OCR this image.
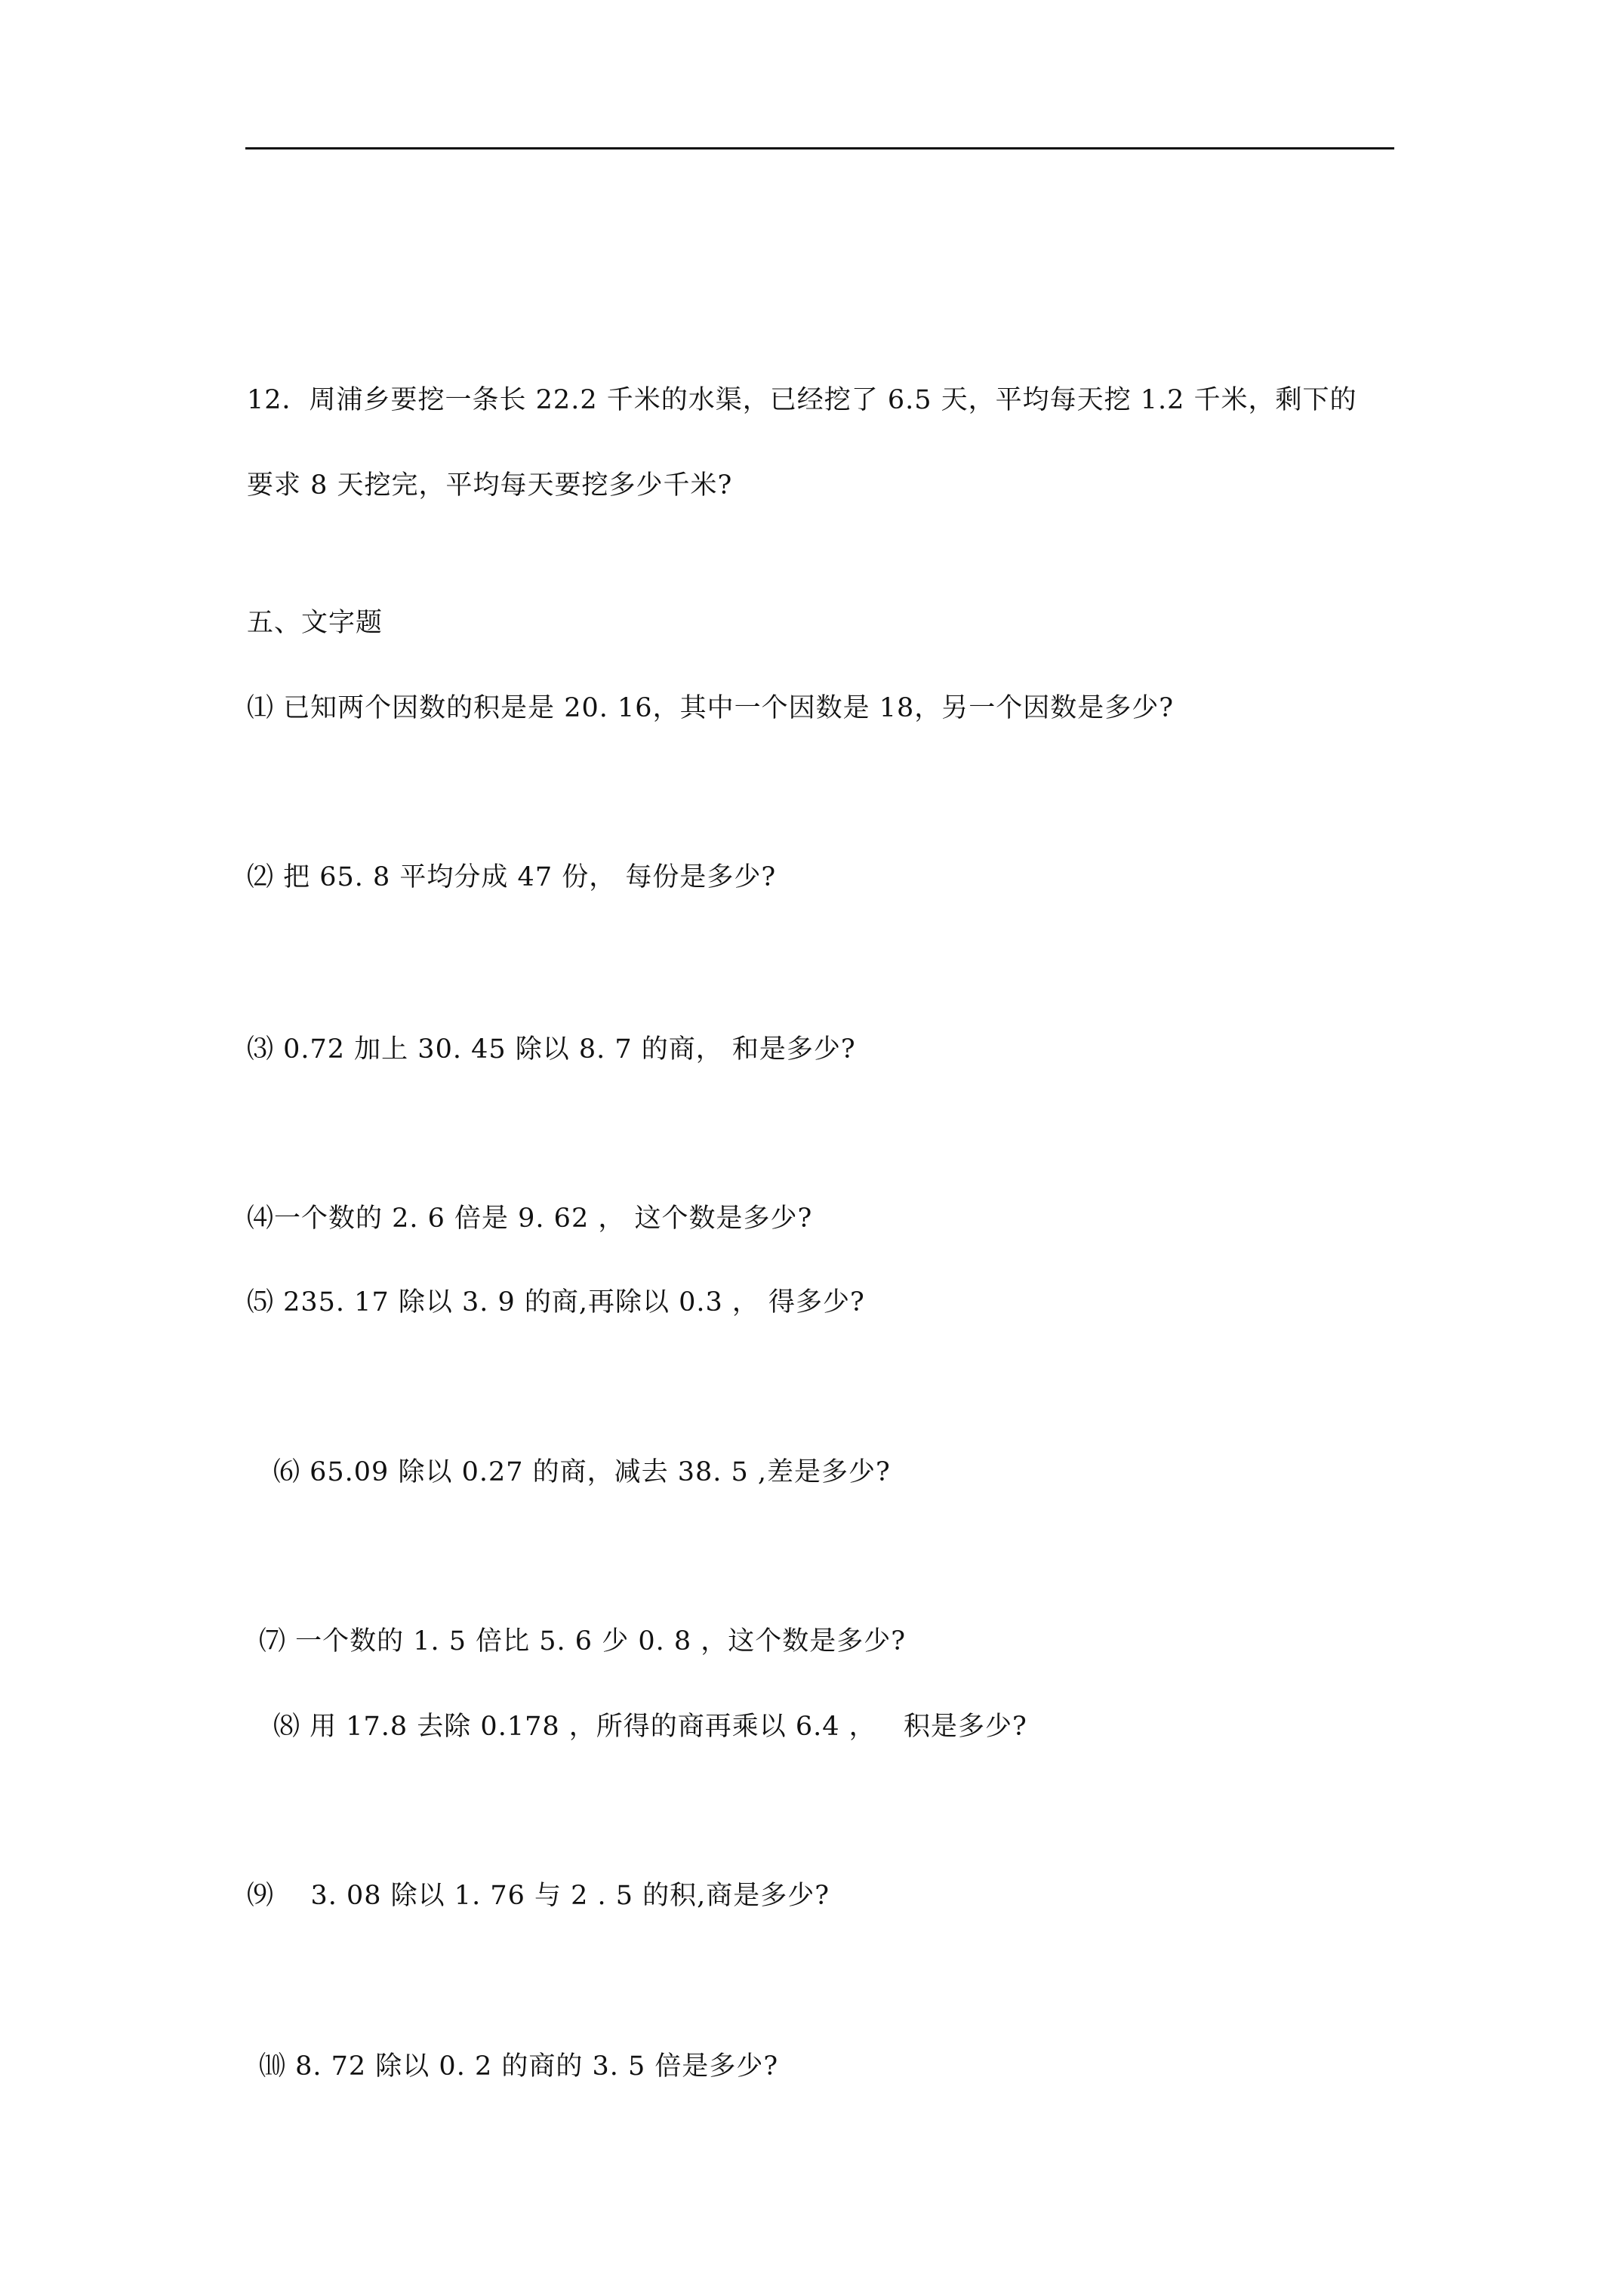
12．周浦乡要挖一条长 22.2 千米的水渠，已经挖了 6.5 天，平均每天挖 1.2 千米，剩下的
要求 8 天挖完，平均每天要挖多少千米?
五、文字题
⑴ 已知两个因数的积是是 20. 16，其中一个因数是 18，另一个因数是多少?
⑵ 把 65. 8 平均分成 47 份， 每份是多少?
⑶ 0.72 加上 30. 45 除以 8. 7 的商， 和是多少?
⑷一个数的 2. 6 倍是 9. 62 ， 这个数是多少?
⑸ 235. 17 除以 3. 9 的商,再除以 0.3 ， 得多少?
⑹ 65.09 除以 0.27 的商，减去 38. 5 ,差是多少?
⑺ 一个数的 1. 5 倍比 5. 6 少 0. 8 ，这个数是多少?
⑻ 用 17.8 去除 0.178 ，所得的商再乘以 6.4 ，   积是多少?
⑼    3. 08 除以 1. 76 与 2 . 5 的积,商是多少?
⑽ 8. 72 除以 0. 2 的商的 3. 5 倍是多少?
